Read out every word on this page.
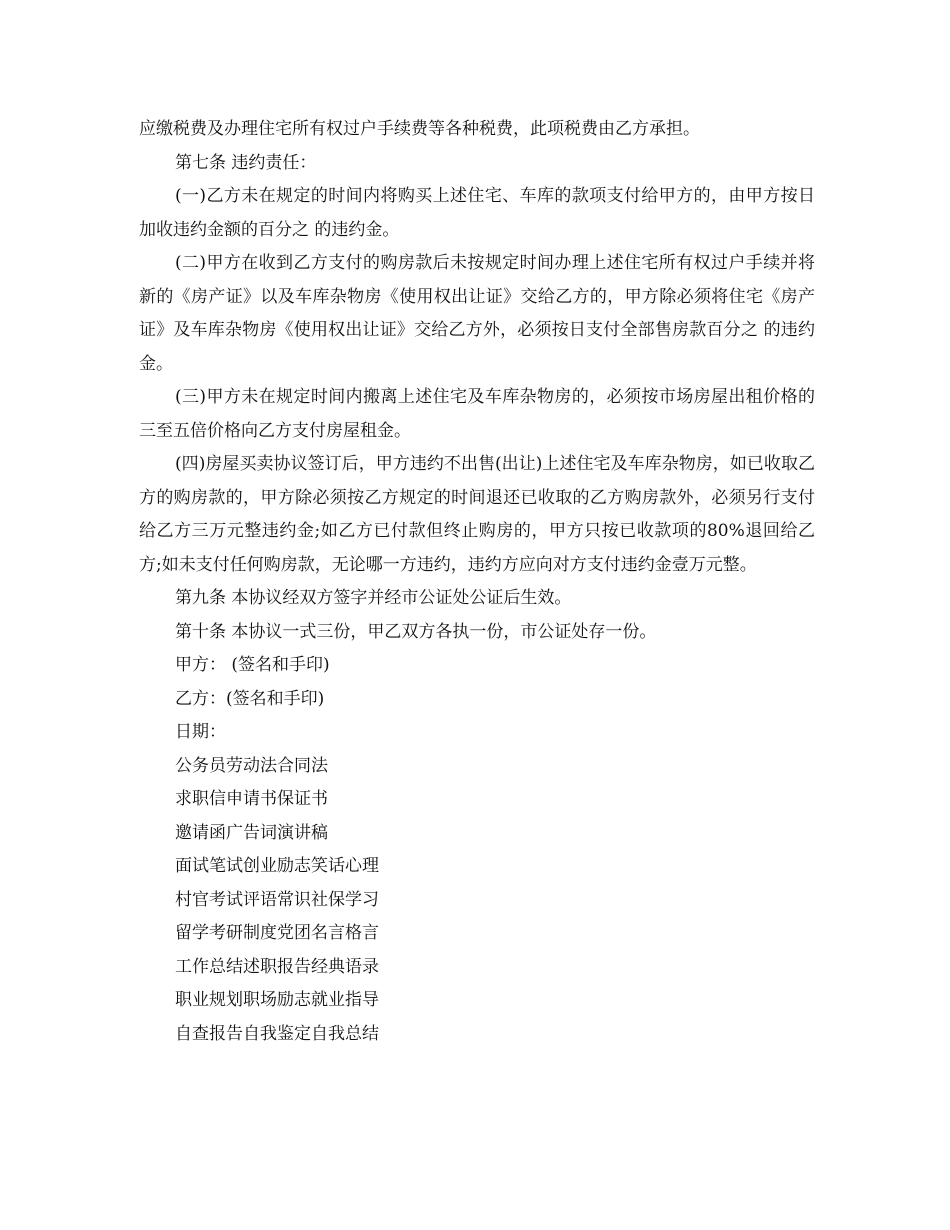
应缴税费及办理住宅所有权过户手续费等各种税费，此项税费由乙方承担。

第七条 违约责任：

(一)乙方未在规定的时间内将购买上述住宅、车库的款项支付给甲方的，由甲方按日加收违约金额的百分之 的违约金。

(二)甲方在收到乙方支付的购房款后未按规定时间办理上述住宅所有权过户手续并将新的《房产证》以及车库杂物房《使用权出让证》交给乙方的，甲方除必须将住宅《房产证》及车库杂物房《使用权出让证》交给乙方外，必须按日支付全部售房款百分之 的违约金。

(三)甲方未在规定时间内搬离上述住宅及车库杂物房的，必须按市场房屋出租价格的三至五倍价格向乙方支付房屋租金。

(四)房屋买卖协议签订后，甲方违约不出售(出让)上述住宅及车库杂物房，如已收取乙方的购房款的，甲方除必须按乙方规定的时间退还已收取的乙方购房款外，必须另行支付给乙方三万元整违约金;如乙方已付款但终止购房的，甲方只按已收款项的80%退回给乙方;如未支付任何购房款，无论哪一方违约，违约方应向对方支付违约金壹万元整。

第九条 本协议经双方签字并经市公证处公证后生效。

第十条 本协议一式三份，甲乙双方各执一份，市公证处存一份。

甲方： (签名和手印)

乙方：(签名和手印)

日期：

公务员劳动法合同法

求职信申请书保证书

邀请函广告词演讲稿

面试笔试创业励志笑话心理

村官考试评语常识社保学习

留学考研制度党团名言格言

工作总结述职报告经典语录

职业规划职场励志就业指导

自查报告自我鉴定自我总结
